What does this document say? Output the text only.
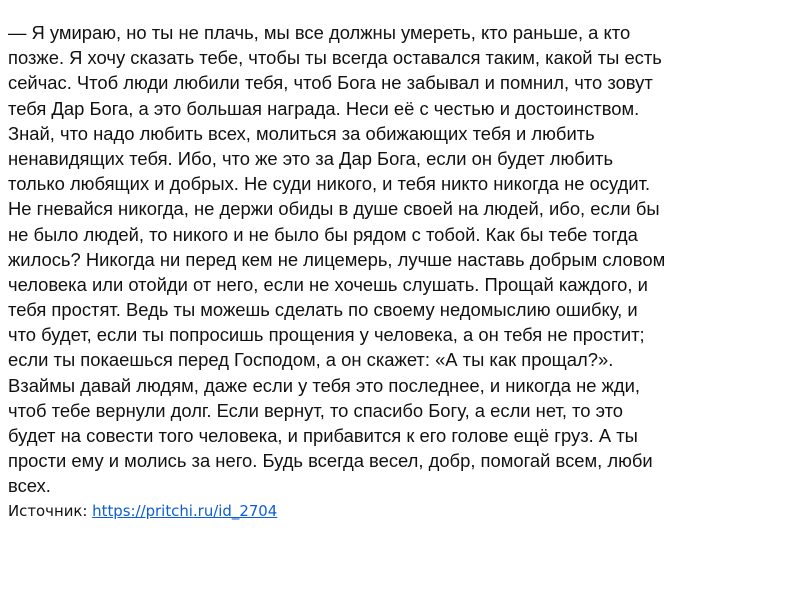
— Я умираю, но ты не плачь, мы все должны умереть, кто раньше, а кто
позже. Я хочу сказать тебе, чтобы ты всегда оставался таким, какой ты есть
сейчас. Чтоб люди любили тебя, чтоб Бога не забывал и помнил, что зовут
тебя Дар Бога, а это большая награда. Неси её с честью и достоинством.
Знай, что надо любить всех, молиться за обижающих тебя и любить
ненавидящих тебя. Ибо, что же это за Дар Бога, если он будет любить
только любящих и добрых. Не суди никого, и тебя никто никогда не осудит.
Не гневайся никогда, не держи обиды в душе своей на людей, ибо, если бы
не было людей, то никого и не было бы рядом с тобой. Как бы тебе тогда
жилось? Никогда ни перед кем не лицемерь, лучше наставь добрым словом
человека или отойди от него, если не хочешь слушать. Прощай каждого, и
тебя простят. Ведь ты можешь сделать по своему недомыслию ошибку, и
что будет, если ты попросишь прощения у человека, а он тебя не простит;
если ты покаешься перед Господом, а он скажет: «А ты как прощал?».
Взаймы давай людям, даже если у тебя это последнее, и никогда не жди,
чтоб тебе вернули долг. Если вернут, то спасибо Богу, а если нет, то это
будет на совести того человека, и прибавится к его голове ещё груз. А ты
прости ему и молись за него. Будь всегда весел, добр, помогай всем, люби
всех.
Источник: https://pritchi.ru/id_2704
